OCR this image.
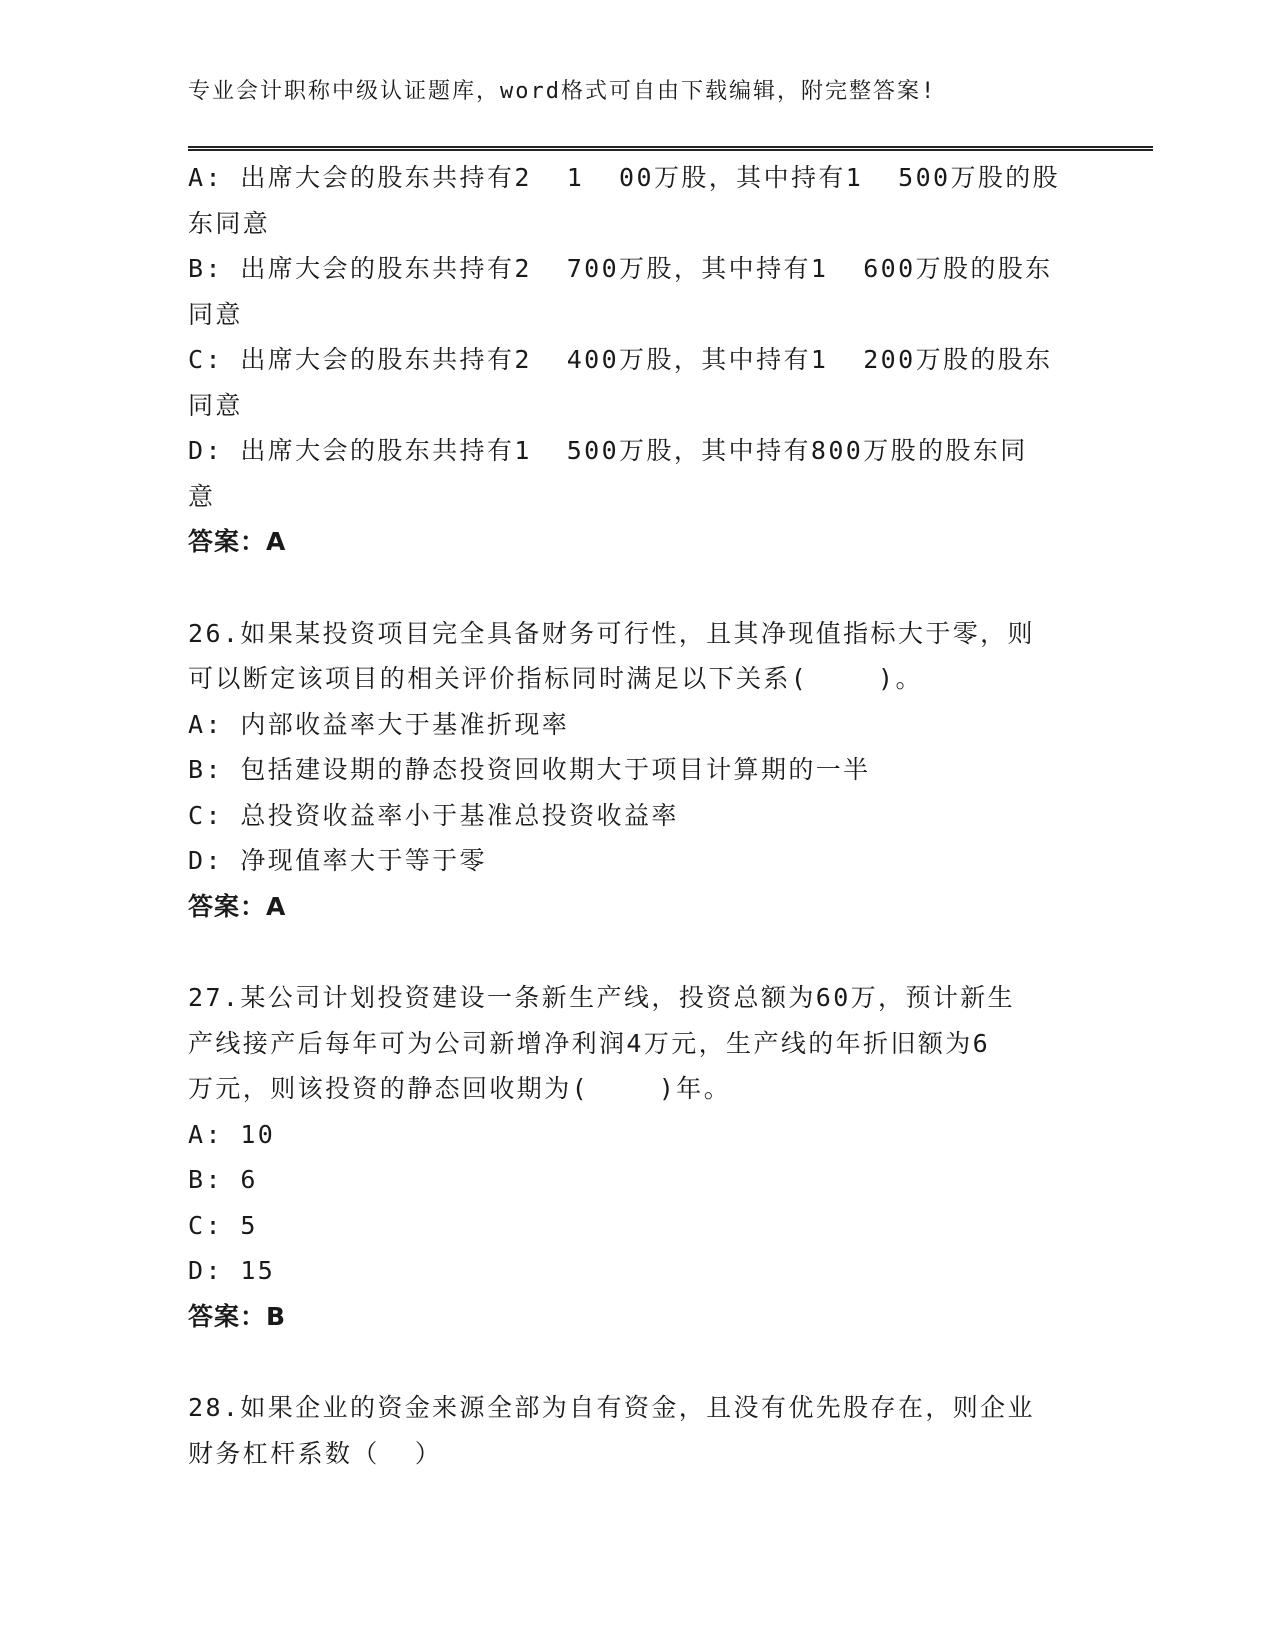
专业会计职称中级认证题库，word格式可自由下载编辑，附完整答案!
A: 出席大会的股东共持有2  1  00万股，其中持有1  500万股的股
东同意
B: 出席大会的股东共持有2  700万股，其中持有1  600万股的股东
同意
C: 出席大会的股东共持有2  400万股，其中持有1  200万股的股东
同意
D: 出席大会的股东共持有1  500万股，其中持有800万股的股东同
意
答案：A
26.如果某投资项目完全具备财务可行性，且其净现值指标大于零，则
可以断定该项目的相关评价指标同时满足以下关系(    )。
A: 内部收益率大于基准折现率
B: 包括建设期的静态投资回收期大于项目计算期的一半
C: 总投资收益率小于基准总投资收益率
D: 净现值率大于等于零
答案：A
27.某公司计划投资建设一条新生产线，投资总额为60万，预计新生
产线接产后每年可为公司新增净利润4万元，生产线的年折旧额为6
万元，则该投资的静态回收期为(    )年。
A: 10
B: 6
C: 5
D: 15
答案：B
28.如果企业的资金来源全部为自有资金，且没有优先股存在，则企业
财务杠杆系数（  ）
